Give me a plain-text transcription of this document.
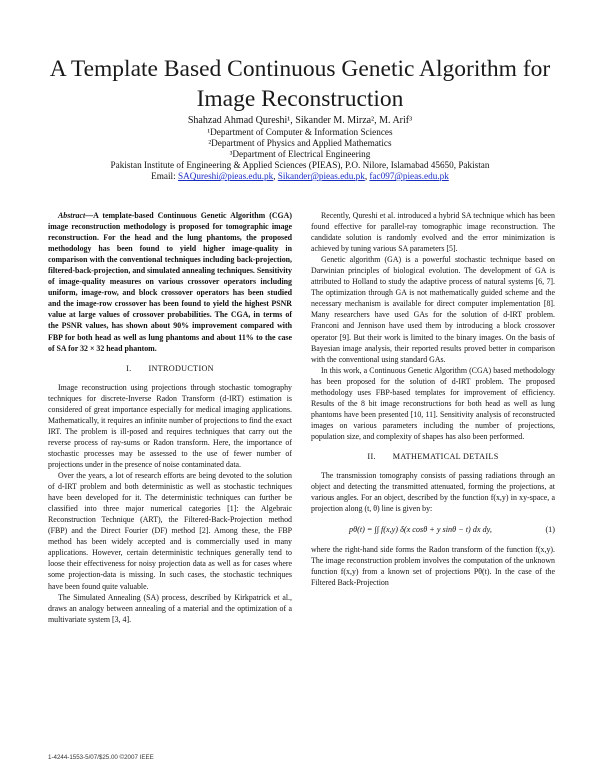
A Template Based Continuous Genetic Algorithm for
Image Reconstruction
Shahzad Ahmad Qureshi¹, Sikander M. Mirza², M. Arif³
¹Department of Computer & Information Sciences
²Department of Physics and Applied Mathematics
³Department of Electrical Engineering
Pakistan Institute of Engineering & Applied Sciences (PIEAS), P.O. Nilore, Islamabad 45650, Pakistan
Email: SAQureshi@pieas.edu.pk, Sikander@pieas.edu.pk, fac097@pieas.edu.pk

Abstract—A template-based Continuous Genetic Algorithm (CGA) image reconstruction methodology is proposed for tomographic image reconstruction. For the head and the lung phantoms, the proposed methodology has been found to yield higher image-quality in comparison with the conventional techniques including back-projection, filtered-back-projection, and simulated annealing techniques. Sensitivity of image-quality measures on various crossover operators including uniform, image-row, and block crossover operators has been studied and the image-row crossover has been found to yield the highest PSNR value at large values of crossover probabilities. The CGA, in terms of the PSNR values, has shown about 90% improvement compared with FBP for both head as well as lung phantoms and about 11% to the case of SA for 32 × 32 head phantom.

I.  INTRODUCTION

Image reconstruction using projections through stochastic tomography techniques for discrete-Inverse Radon Transform (d-IRT) estimation is considered of great importance especially for medical imaging applications. Mathematically, it requires an infinite number of projections to find the exact IRT. The problem is ill-posed and requires techniques that carry out the reverse process of ray-sums or Radon transform. Here, the importance of stochastic processes may be assessed to the use of fewer number of projections under in the presence of noise contaminated data.

Over the years, a lot of research efforts are being devoted to the solution of d-IRT problem and both deterministic as well as stochastic techniques have been developed for it. The deterministic techniques can further be classified into three major numerical categories [1]: the Algebraic Reconstruction Technique (ART), the Filtered-Back-Projection method (FBP) and the Direct Fourier (DF) method [2]. Among these, the FBP method has been widely accepted and is commercially used in many applications. However, certain deterministic techniques generally tend to loose their effectiveness for noisy projection data as well as for cases where some projection-data is missing. In such cases, the stochastic techniques have been found quite valuable.

The Simulated Annealing (SA) process, described by Kirkpatrick et al., draws an analogy between annealing of a material and the optimization of a multivariate system [3, 4].

Recently, Qureshi et al. introduced a hybrid SA technique which has been found effective for parallel-ray tomographic image reconstruction. The candidate solution is randomly evolved and the error minimization is achieved by tuning various SA parameters [5].

Genetic algorithm (GA) is a powerful stochastic technique based on Darwinian principles of biological evolution. The development of GA is attributed to Holland to study the adaptive process of natural systems [6, 7]. The optimization through GA is not mathematically guided scheme and the necessary mechanism is available for direct computer implementation [8]. Many researchers have used GAs for the solution of d-IRT problem. Franconi and Jennison have used them by introducing a block crossover operator [9]. But their work is limited to the binary images. On the basis of Bayesian image analysis, their reported results proved better in comparison with the conventional using standard GAs.

In this work, a Continuous Genetic Algorithm (CGA) based methodology has been proposed for the solution of d-IRT problem. The proposed methodology uses FBP-based templates for improvement of efficiency. Results of the 8 bit image reconstructions for both head as well as lung phantoms have been presented [10, 11]. Sensitivity analysis of reconstructed images on various parameters including the number of projections, population size, and complexity of shapes has also been performed.

II.  MATHEMATICAL DETAILS

The transmission tomography consists of passing radiations through an object and detecting the transmitted attenuated, forming the projections, at various angles. For an object, described by the function f(x,y) in xy-space, a projection along (t, θ) line is given by:

pθ(t) = ∫∫ f(x,y) δ(x cosθ + y sinθ − t) dx dy,	(1)

where the right-hand side forms the Radon transform of the function f(x,y). The image reconstruction problem involves the computation of the unknown function f(x,y) from a known set of projections Pθ(t). In the case of the Filtered Back-Projection

1-4244-1553-5/07/$25.00 ©2007 IEEE
